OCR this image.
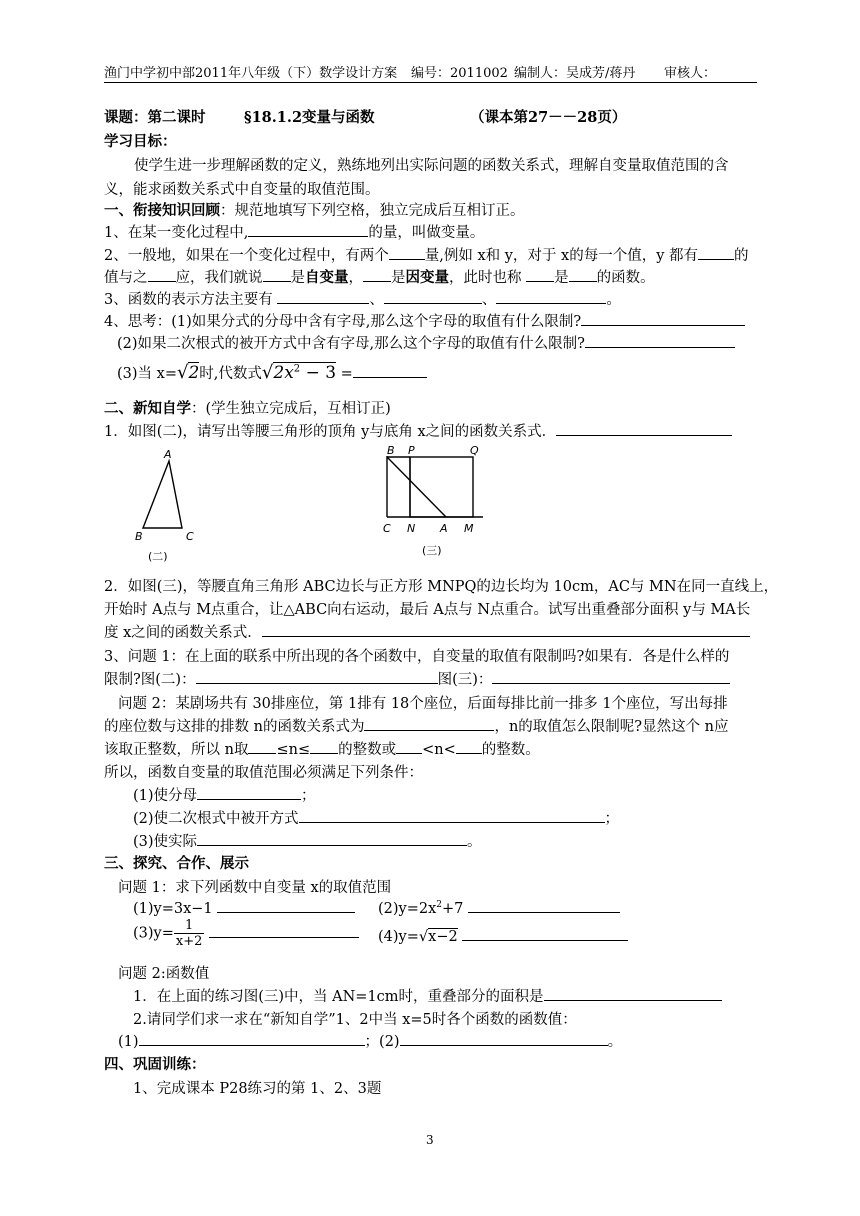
渔门中学初中部2011年八年级（下）数学设计方案 编号：2011002 编制人：吴成芳/蒋丹 审核人：
课题：第二课时	§18.1.2变量与函数	（课本第27－－28页）
学习目标：
使学生进一步理解函数的定义，熟练地列出实际问题的函数关系式，理解自变量取值范围的含
义，能求函数关系式中自变量的取值范围。
一、衔接知识回顾：规范地填写下列空格，独立完成后互相订正。
1、在某一变化过程中,	的量，叫做变量。
2、一般地，如果在一个变化过程中，有两个 量,例如 x和 y，对于 x的每一个值，y 都有 的
值与之 应，我们就说 是自变量， 是因变量，此时也称 是 的函数。
3、函数的表示方法主要有	、	、	。
4、思考：(1)如果分式的分母中含有字母,那么这个字母的取值有什么限制?
(2)如果二次根式的被开方式中含有字母,那么这个字母的取值有什么限制?
(3)当 x=√2时,代数式$√2x^2 - 3$ =
二、新知自学：(学生独立完成后，互相订正)
1．如图(二)，请写出等腰三角形的顶角 y与底角 x之间的函数关系式．
A
B	C
(二)
B P	Q
C N A M
(三)
2．如图(三)，等腰直角三角形 ABC边长与正方形 MNPQ的边长均为 10cm，AC与 MN在同一直线上，
开始时 A点与 M点重合，让△ABC向右运动，最后 A点与 N点重合。试写出重叠部分面积 y与 MA长
度 x之间的函数关系式．
3、问题 1：在上面的联系中所出现的各个函数中，自变量的取值有限制吗?如果有．各是什么样的
限制?图(二)：	图(三)：
问题 2：某剧场共有 30排座位，第 1排有 18个座位，后面每排比前一排多 1个座位，写出每排
的座位数与这排的排数 n的函数关系式为	，n的取值怎么限制呢?显然这个 n应
该取正整数，所以 n取 ≤n≤ 的整数或 <n< 的整数。
所以，函数自变量的取值范围必须满足下列条件：
(1)使分母	；
(2)使二次根式中被开方式	；
(3)使实际	。
三、探究、合作、展示
问题 1：求下列函数中自变量 x的取值范围
(1)y=3x−1	$(2)y=2x^2+7$
$(3)y= \frac{1}{x+2}$
	(4)y=√x−2
问题 2:函数值
1．在上面的练习图(三)中，当 AN=1cm时，重叠部分的面积是
2.请同学们求一求在“新知自学”1、2中当 x=5时各个函数的函数值：
(1)	；(2)	。
四、巩固训练：
1、完成课本 P28练习的第 1、2、3题
3
